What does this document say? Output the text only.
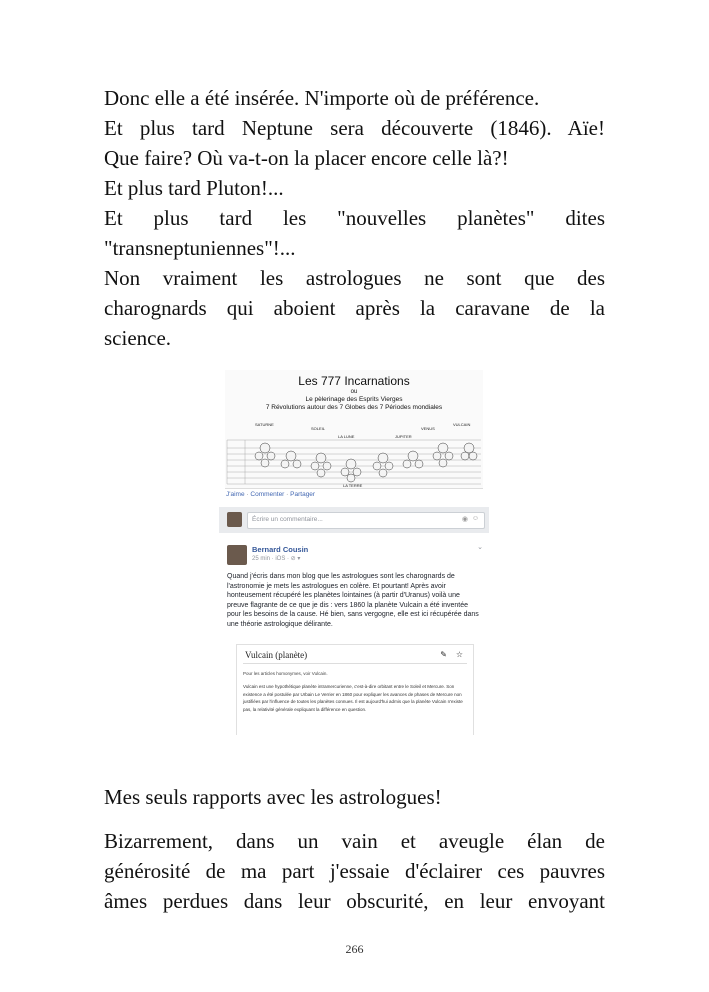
Donc elle a été insérée. N'importe où de préférence.
Et plus tard Neptune sera découverte (1846). Aïe!
Que faire? Où va-t-on la placer encore celle là?!
Et plus tard Pluton!...
Et plus tard les "nouvelles planètes" dites
"transneptuniennes"!...
Non vraiment les astrologues ne sont que des
charognards qui aboient après la caravane de la
science.
Les 777 Incarnations
ou
Le pèlerinage des Esprits Vierges
7 Révolutions autour des 7 Globes des 7 Périodes mondiales
SATURNE
SOLEIL
LA LUNE	JUPITER
VENUS
VULCAIN
LA TERRE
J'aime · Commenter · Partager
Écrire un commentaire...	◉ ☺
Bernard Cousin
25 min · iOS · ⊘ ▾
⌄

Quand j'écris dans mon blog que les astrologues sont les charognards de l'astronomie je mets les astrologues en colère. Et pourtant! Après avoir honteusement récupéré les planètes lointaines (à partir d'Uranus) voilà une preuve flagrante de ce que je dis : vers 1860 la planète Vulcain a été inventée pour les besoins de la cause. Hé bien, sans vergogne, elle est ici récupérée dans une théorie astrologique délirante.

Vulcain (planète)	✎ ☆
Pour les articles homonymes, voir Vulcain.

Vulcain est une hypothétique planète intramercurienne, c'est-à-dire orbitant entre le Soleil et Mercure. Son existence a été postulée par Urbain Le Verrier en 1860 pour expliquer les avances de phases de Mercure non justifiées par l'influence de toutes les planètes connues. Il est aujourd'hui admis que la planète Vulcain n'existe pas, la relativité générale expliquant la différence en question.

Mes seuls rapports avec les astrologues!
Bizarrement, dans un vain et aveugle élan de
générosité de ma part j'essaie d'éclairer ces pauvres
âmes perdues dans leur obscurité, en leur envoyant
266
